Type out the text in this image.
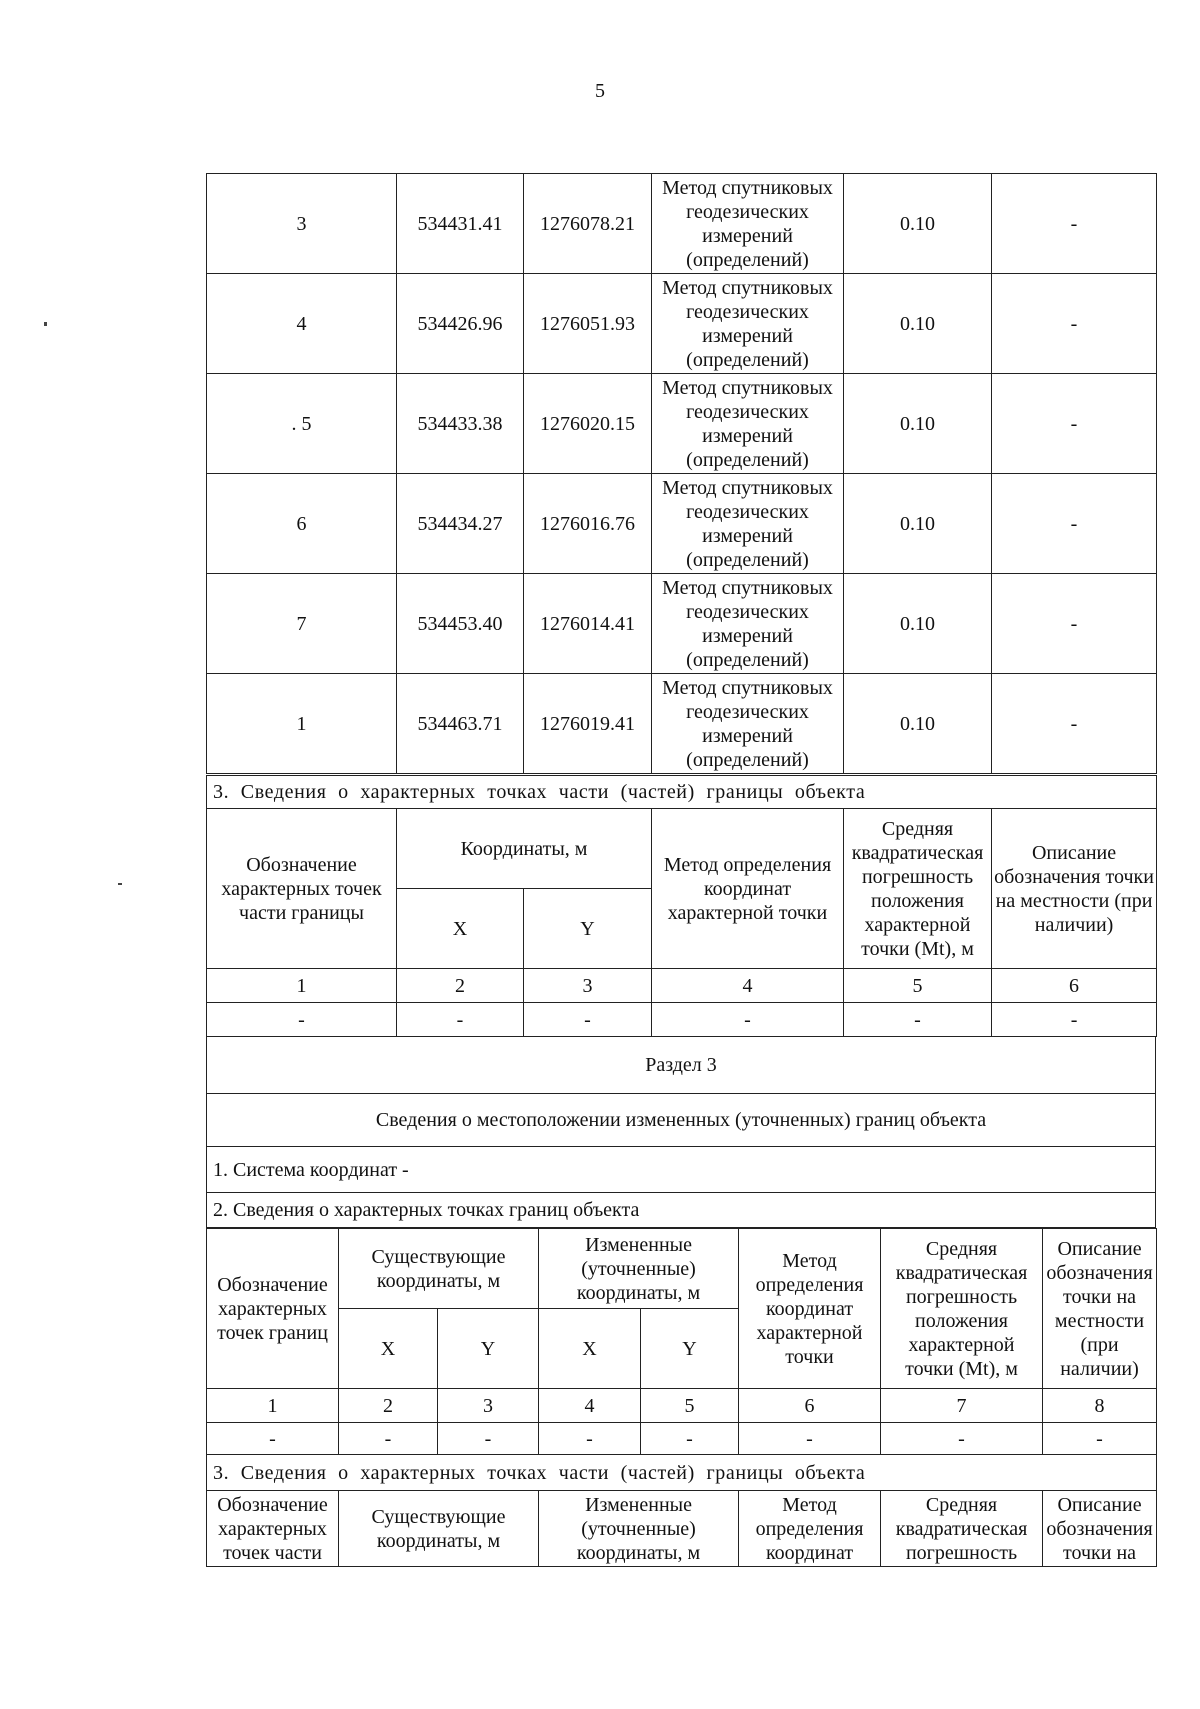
5
3	534431.41	1276078.21	Метод спутниковых геодезических измерений (определений)	0.10	-
4	534426.96	1276051.93	Метод спутниковых геодезических измерений (определений)	0.10	-
. 5	534433.38	1276020.15	Метод спутниковых геодезических измерений (определений)	0.10	-
6	534434.27	1276016.76	Метод спутниковых геодезических измерений (определений)	0.10	-
7	534453.40	1276014.41	Метод спутниковых геодезических измерений (определений)	0.10	-
1	534463.71	1276019.41	Метод спутниковых геодезических измерений (определений)	0.10	-
3. Сведения о характерных точках части (частей) границы объекта					
Обозначение характерных точек части границы	Координаты, м		Метод определения координат характерной точки	Средняя квадратическая погрешность положения характерной точки (Mt), м	Описание обозначения точки на местности (при наличии)
	X	Y			
1	2	3	4	5	6
-	-	-	-	-	-
Раздел 3
Сведения о местоположении измененных (уточненных) границ объекта
1. Система координат -
2. Сведения о характерных точках границ объекта
Обозначение характерных точек границ	Существующие координаты, м		Измененные (уточненные) координаты, м		Метод определения координат характерной точки	Средняя квадратическая погрешность положения характерной точки (Mt), м	Описание обозначения точки на местности (при наличии)
	X	Y	X	Y			
1	2	3	4	5	6	7	8
-	-	-	-	-	-	-	-
3. Сведения о характерных точках части (частей) границы объекта							
Обозначение характерных точек части	Существующие координаты, м		Измененные (уточненные) координаты, м		Метод определения координат	Средняя квадратическая погрешность	Описание обозначения точки на
